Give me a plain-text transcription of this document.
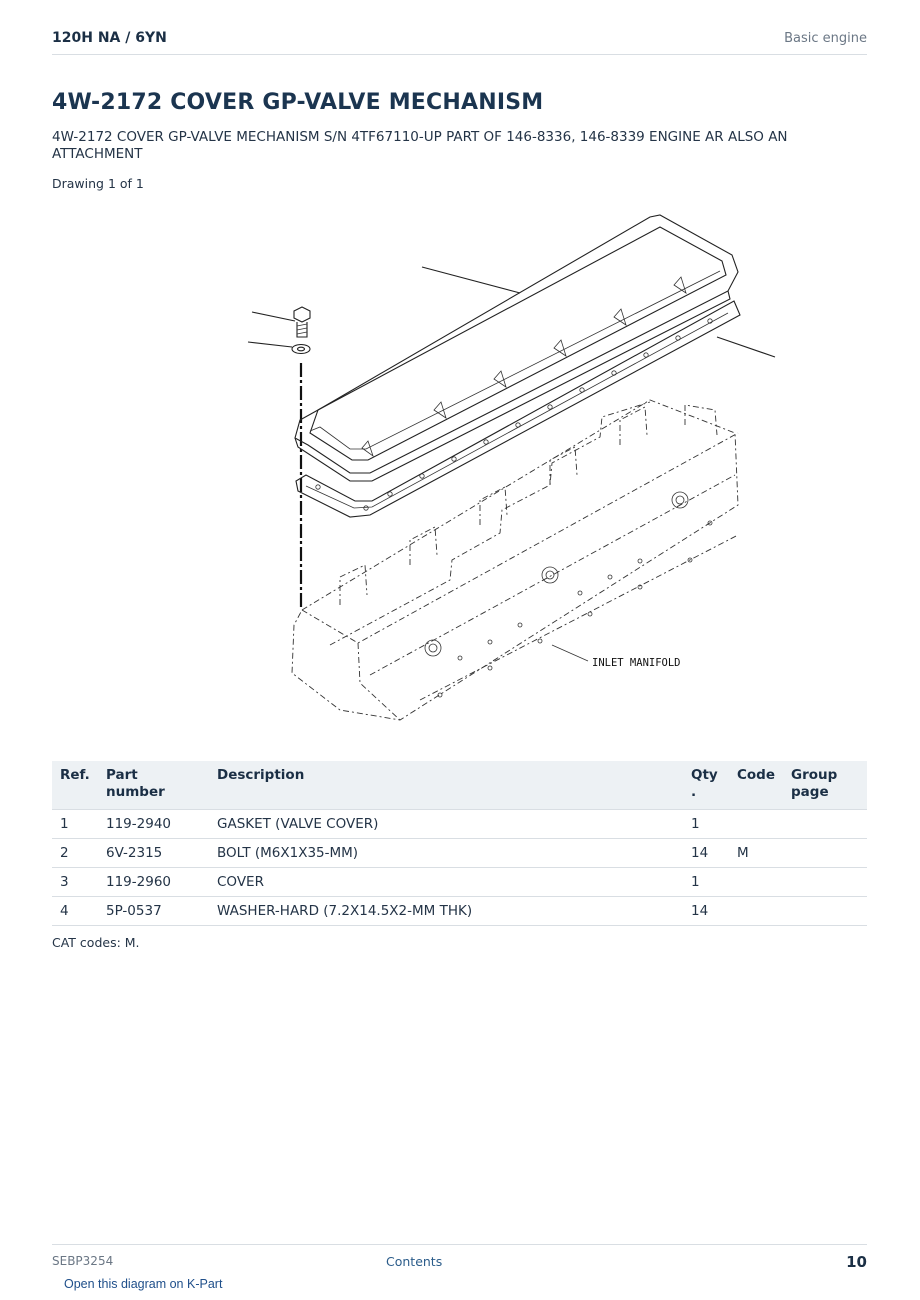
120H NA / 6YN	Basic engine
4W-2172 COVER GP-VALVE MECHANISM
4W-2172 COVER GP-VALVE MECHANISM S/N 4TF67110-UP PART OF 146-8336, 146-8339 ENGINE AR ALSO AN ATTACHMENT
Drawing 1 of 1
INLET MANIFOLD
Ref.	Part number	Description	Qty .	Code	Group page
1	119-2940	GASKET (VALVE COVER)	1		
2	6V-2315	BOLT (M6X1X35-MM)	14	M	
3	119-2960	COVER	1		
4	5P-0537	WASHER-HARD (7.2X14.5X2-MM THK)	14		
CAT codes: M.
SEBP3254	Contents	10
Open this diagram on K-Part
